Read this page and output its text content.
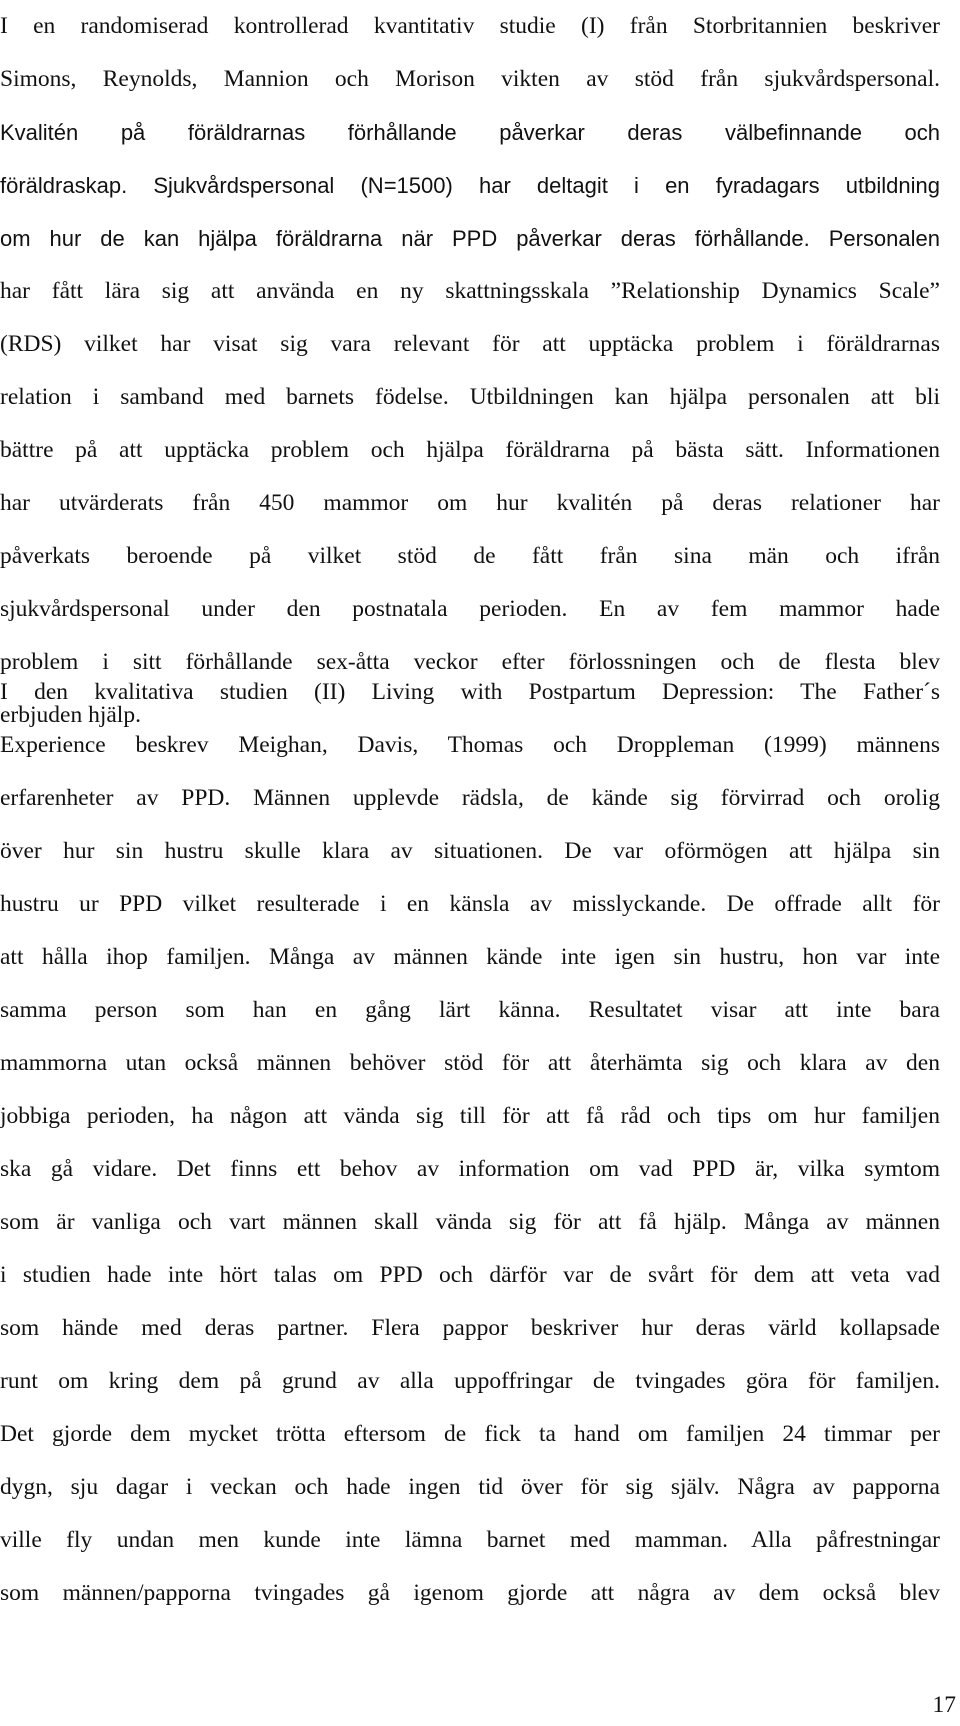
I en randomiserad kontrollerad kvantitativ studie (I) från Storbritannien beskriver
Simons, Reynolds, Mannion och Morison vikten av stöd från sjukvårdspersonal.
Kvalitén på föräldrarnas förhållande påverkar deras välbefinnande och
föräldraskap. Sjukvårdspersonal (N=1500) har deltagit i en fyradagars utbildning
om hur de kan hjälpa föräldrarna när PPD påverkar deras förhållande. Personalen
har fått lära sig att använda en ny skattningsskala ”Relationship Dynamics Scale”
(RDS) vilket har visat sig vara relevant för att upptäcka problem i föräldrarnas
relation i samband med barnets födelse. Utbildningen kan hjälpa personalen att bli
bättre på att upptäcka problem och hjälpa föräldrarna på bästa sätt. Informationen
har utvärderats från 450 mammor om hur kvalitén på deras relationer har
påverkats beroende på vilket stöd de fått från sina män och ifrån
sjukvårdspersonal under den postnatala perioden. En av fem mammor hade
problem i sitt förhållande sex-åtta veckor efter förlossningen och de flesta blev
erbjuden hjälp.
I den kvalitativa studien (II) Living with Postpartum Depression: The Father´s
Experience beskrev Meighan, Davis, Thomas och Droppleman (1999) männens
erfarenheter av PPD. Männen upplevde rädsla, de kände sig förvirrad och orolig
över hur sin hustru skulle klara av situationen. De var oförmögen att hjälpa sin
hustru ur PPD vilket resulterade i en känsla av misslyckande. De offrade allt för
att hålla ihop familjen. Många av männen kände inte igen sin hustru, hon var inte
samma person som han en gång lärt känna. Resultatet visar att inte bara
mammorna utan också männen behöver stöd för att återhämta sig och klara av den
jobbiga perioden, ha någon att vända sig till för att få råd och tips om hur familjen
ska gå vidare. Det finns ett behov av information om vad PPD är, vilka symtom
som är vanliga och vart männen skall vända sig för att få hjälp. Många av männen
i studien hade inte hört talas om PPD och därför var de svårt för dem att veta vad
som hände med deras partner. Flera pappor beskriver hur deras värld kollapsade
runt om kring dem på grund av alla uppoffringar de tvingades göra för familjen.
Det gjorde dem mycket trötta eftersom de fick ta hand om familjen 24 timmar per
dygn, sju dagar i veckan och hade ingen tid över för sig själv. Några av papporna
ville fly undan men kunde inte lämna barnet med mamman. Alla påfrestningar
som männen/papporna tvingades gå igenom gjorde att några av dem också blev
17
